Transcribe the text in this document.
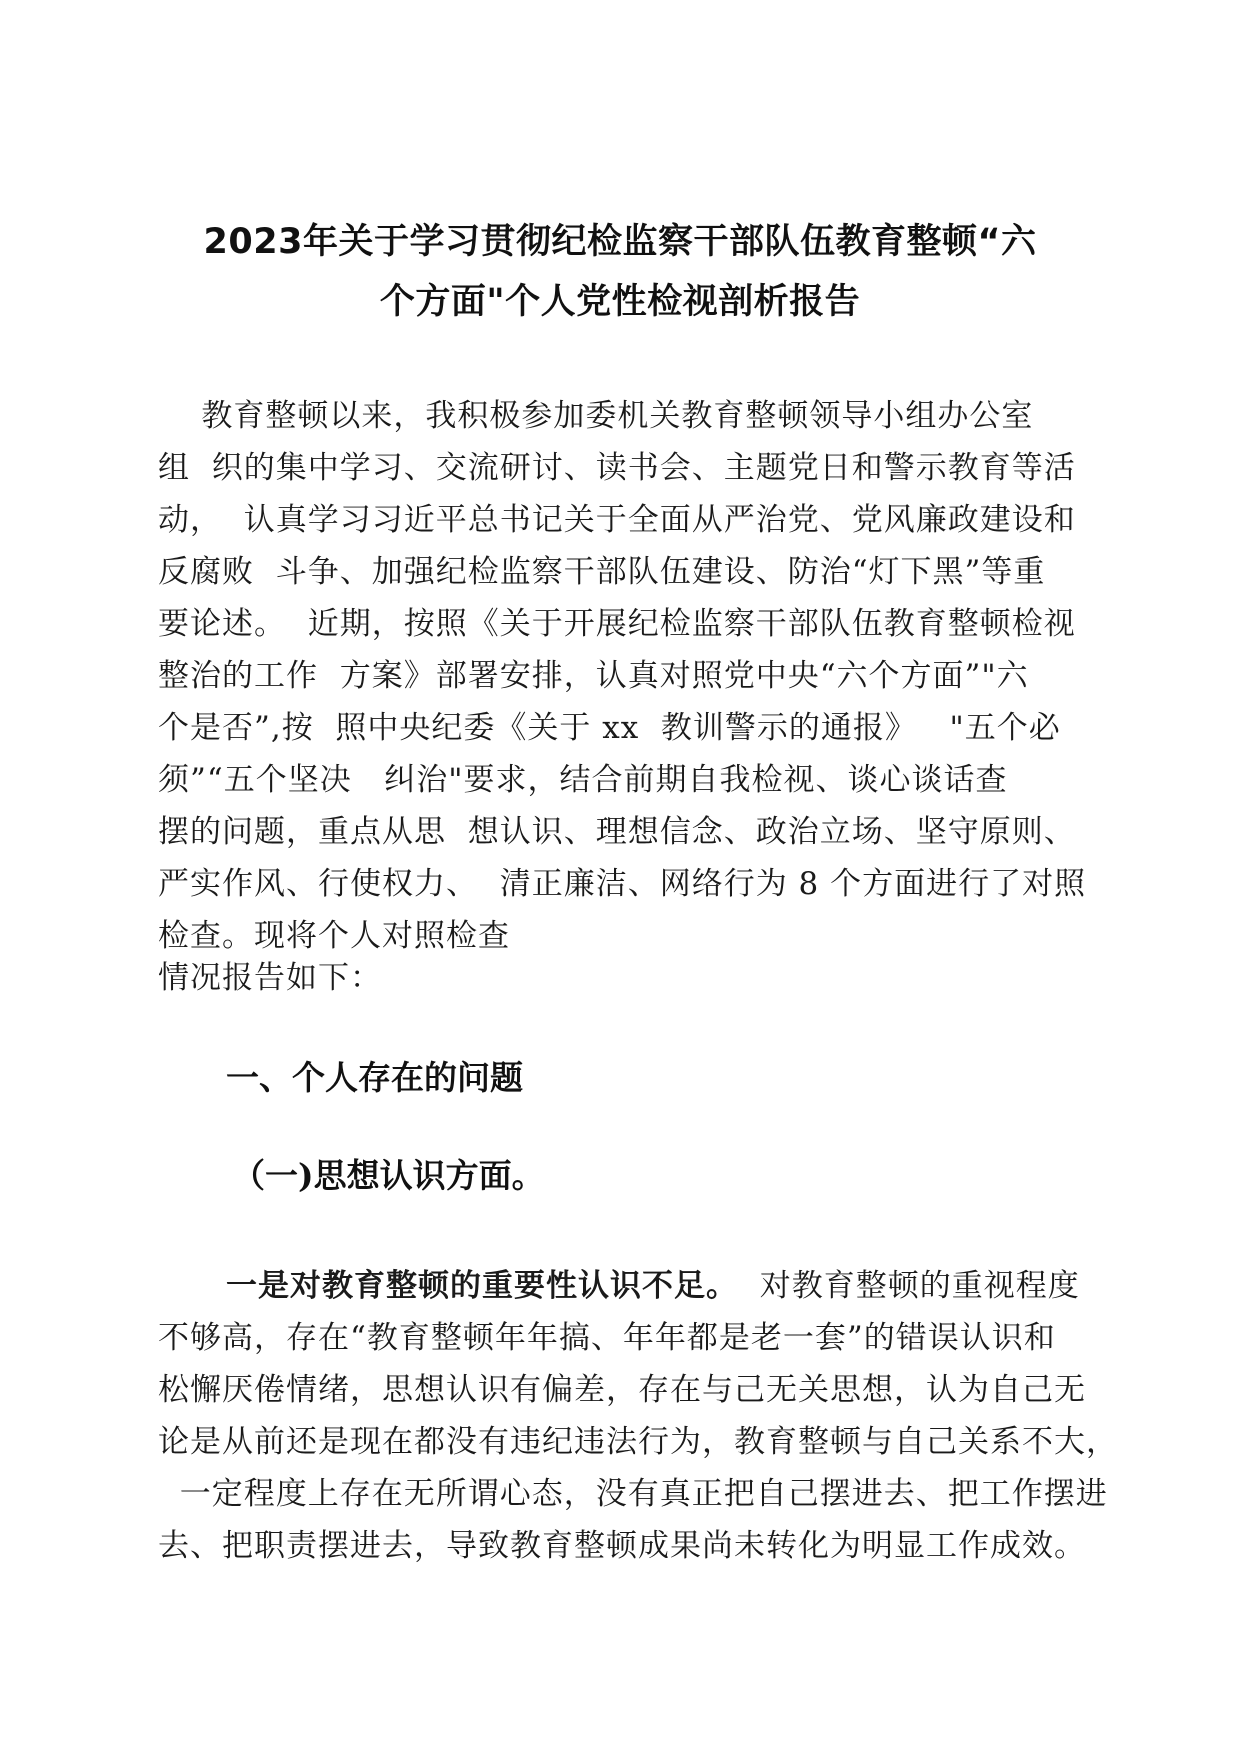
2023年关于学习贯彻纪检监察干部队伍教育整顿“六
个方面"个人党性检视剖析报告
教育整顿以来，我积极参加委机关教育整顿领导小组办公室
组  织的集中学习、交流研讨、读书会、主题党日和警示教育等活
动，  认真学习习近平总书记关于全面从严治党、党风廉政建设和
反腐败  斗争、加强纪检监察干部队伍建设、防治“灯下黑”等重
要论述。  近期，按照《关于开展纪检监察干部队伍教育整顿检视
整治的工作  方案》部署安排，认真对照党中央“六个方面”"六
个是否”,按  照中央纪委《关于 xx  教训警示的通报》   "五个必
须”“五个坚决   纠治"要求，结合前期自我检视、谈心谈话查
摆的问题，重点从思  想认识、理想信念、政治立场、坚守原则、
严实作风、行使权力、  清正廉洁、网络行为 8 个方面进行了对照
检查。现将个人对照检查
情况报告如下：
一、个人存在的问题
（一)思想认识方面。
一是对教育整顿的重要性认识不足。  对教育整顿的重视程度
不够高，存在“教育整顿年年搞、年年都是老一套”的错误认识和
松懈厌倦情绪，思想认识有偏差，存在与己无关思想，认为自己无
论是从前还是现在都没有违纪违法行为，教育整顿与自己关系不大，
一定程度上存在无所谓心态，没有真正把自己摆进去、把工作摆进
去、把职责摆进去，导致教育整顿成果尚未转化为明显工作成效。
